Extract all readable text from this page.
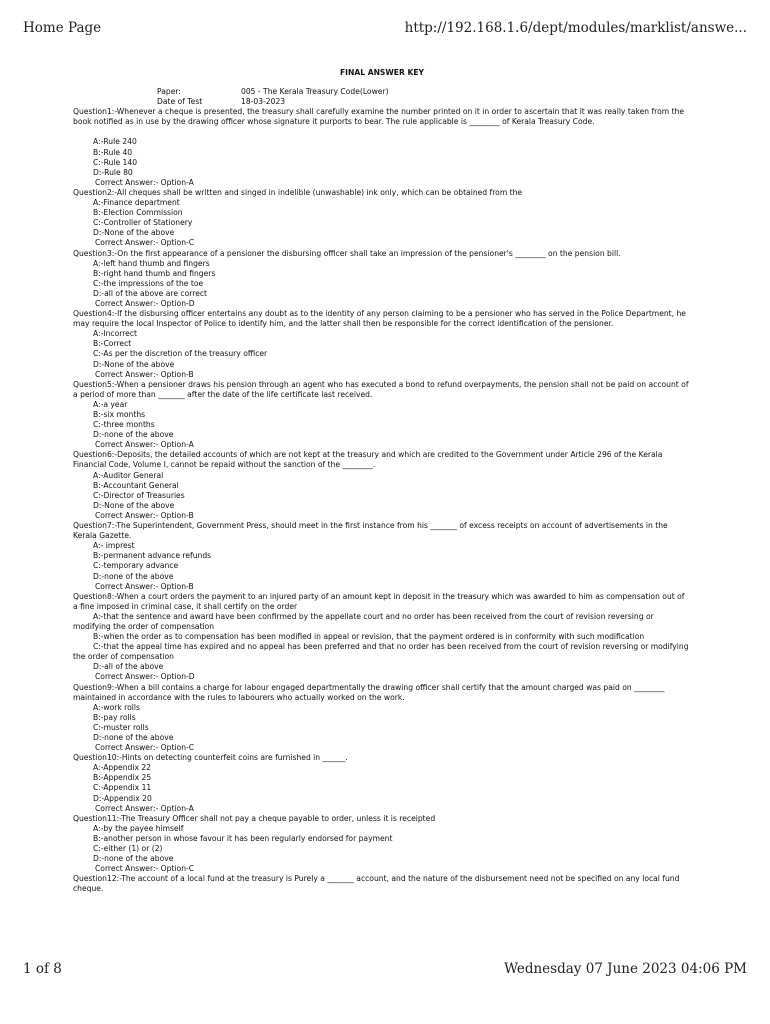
Home Page	http://192.168.1.6/dept/modules/marklist/answe...
FINAL ANSWER KEY
Paper:	005 - The Kerala Treasury Code(Lower)
Date of Test	18-03-2023
Question1:-Whenever a cheque is presented, the treasury shall carefully examine the number printed on it in order to ascertain that it was really taken from the book notified as in use by the drawing officer whose signature it purports to bear. The rule applicable is ________ of Kerala Treasury Code.
A:-Rule 240
B:-Rule 40
C:-Rule 140
D:-Rule 80
Correct Answer:- Option-A
Question2:-All cheques shall be written and singed in indelible (unwashable) ink only, which can be obtained from the
A:-Finance department
B:-Election Commission
C:-Controller of Stationery
D:-None of the above
Correct Answer:- Option-C
Question3:-On the first appearance of a pensioner the disbursing officer shall take an impression of the pensioner's ________ on the pension bill.
A:-left hand thumb and fingers
B:-right hand thumb and fingers
C:-the impressions of the toe
D:-all of the above are correct
Correct Answer:- Option-D
Question4:-If the disbursing officer entertains any doubt as to the identity of any person claiming to be a pensioner who has served in the Police Department, he may require the local Inspector of Police to identify him, and the latter shall then be responsible for the correct identification of the pensioner.
A:-Incorrect
B:-Correct
C:-As per the discretion of the treasury officer
D:-None of the above
Correct Answer:- Option-B
Question5:-When a pensioner draws his pension through an agent who has executed a bond to refund overpayments, the pension shall not be paid on account of a period of more than _______ after the date of the life certificate last received.
A:-a year
B:-six months
C:-three months
D:-none of the above
Correct Answer:- Option-A
Question6:-Deposits, the detailed accounts of which are not kept at the treasury and which are credited to the Government under Article 296 of the Kerala Financial Code, Volume I, cannot be repaid without the sanction of the ________.
A:-Auditor General
B:-Accountant General
C:-Director of Treasuries
D:-None of the above
Correct Answer:- Option-B
Question7:-The Superintendent, Government Press, should meet in the first instance from his _______ of excess receipts on account of advertisements in the Kerala Gazette.
A:- imprest
B:-permanent advance refunds
C:-temporary advance
D:-none of the above
Correct Answer:- Option-B
Question8:-When a court orders the payment to an injured party of an amount kept in deposit in the treasury which was awarded to him as compensation out of a fine imposed in criminal case, it shall certify on the order
A:-that the sentence and award have been confirmed by the appellate court and no order has been received from the court of revision reversing or modifying the order of compensation
B:-when the order as to compensation has been modified in appeal or revision, that the payment ordered is in conformity with such modification
C:-that the appeal time has expired and no appeal has been preferred and that no order has been received from the court of revision reversing or modifying the order of compensation
D:-all of the above
Correct Answer:- Option-D
Question9:-When a bill contains a charge for labour engaged departmentally the drawing officer shall certify that the amount charged was paid on ________ maintained in accordance with the rules to labourers who actually worked on the work.
A:-work rolls
B:-pay rolls
C:-muster rolls
D:-none of the above
Correct Answer:- Option-C
Question10:-Hints on detecting counterfeit coins are furnished in ______.
A:-Appendix 22
B:-Appendix 25
C:-Appendix 11
D:-Appendix 20
Correct Answer:- Option-A
Question11:-The Treasury Officer shall not pay a cheque payable to order, unless it is receipted
A:-by the payee himself
B:-another person in whose favour it has been regularly endorsed for payment
C:-either (1) or (2)
D:-none of the above
Correct Answer:- Option-C
Question12:-The account of a local fund at the treasury is Purely a _______ account, and the nature of the disbursement need not be specified on any local fund cheque.
1 of 8	Wednesday 07 June 2023 04:06 PM
